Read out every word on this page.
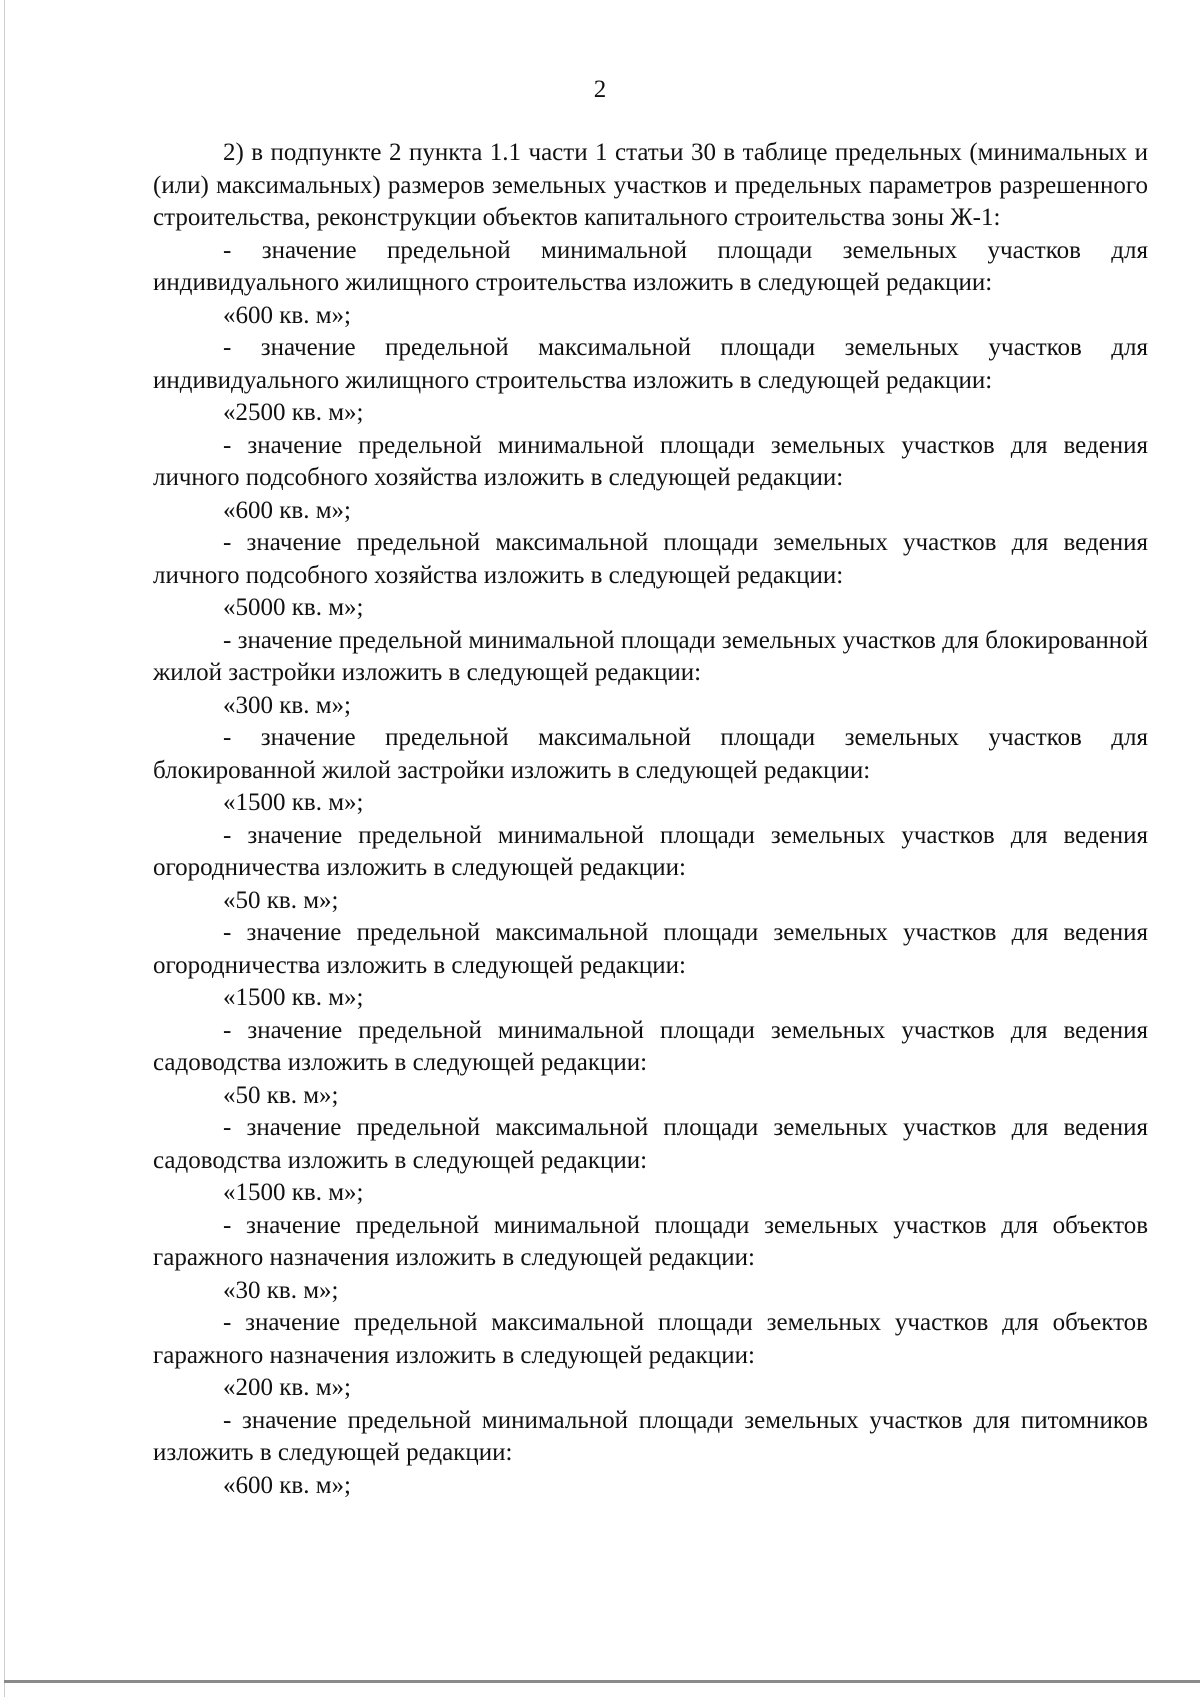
2

2) в подпункте 2 пункта 1.1 части 1 статьи 30 в таблице предельных (минимальных и (или) максимальных) размеров земельных участков и предельных параметров разрешенного строительства, реконструкции объектов капитального строительства зоны Ж-1:

- значение предельной минимальной площади земельных участков для индивидуального жилищного строительства изложить в следующей редакции:

«600 кв. м»;

- значение предельной максимальной площади земельных участков для индивидуального жилищного строительства изложить в следующей редакции:

«2500 кв. м»;

- значение предельной минимальной площади земельных участков для ведения личного подсобного хозяйства изложить в следующей редакции:

«600 кв. м»;

- значение предельной максимальной площади земельных участков для ведения личного подсобного хозяйства изложить в следующей редакции:

«5000 кв. м»;

- значение предельной минимальной площади земельных участков для блокированной жилой застройки изложить в следующей редакции:

«300 кв. м»;

- значение предельной максимальной площади земельных участков для блокированной жилой застройки изложить в следующей редакции:

«1500 кв. м»;

- значение предельной минимальной площади земельных участков для ведения огородничества изложить в следующей редакции:

«50 кв. м»;

- значение предельной максимальной площади земельных участков для ведения огородничества изложить в следующей редакции:

«1500 кв. м»;

- значение предельной минимальной площади земельных участков для ведения садоводства изложить в следующей редакции:

«50 кв. м»;

- значение предельной максимальной площади земельных участков для ведения садоводства изложить в следующей редакции:

«1500 кв. м»;

- значение предельной минимальной площади земельных участков для объектов гаражного назначения изложить в следующей редакции:

«30 кв. м»;

- значение предельной максимальной площади земельных участков для объектов гаражного назначения изложить в следующей редакции:

«200 кв. м»;

- значение предельной минимальной площади земельных участков для питомников изложить в следующей редакции:

«600 кв. м»;
